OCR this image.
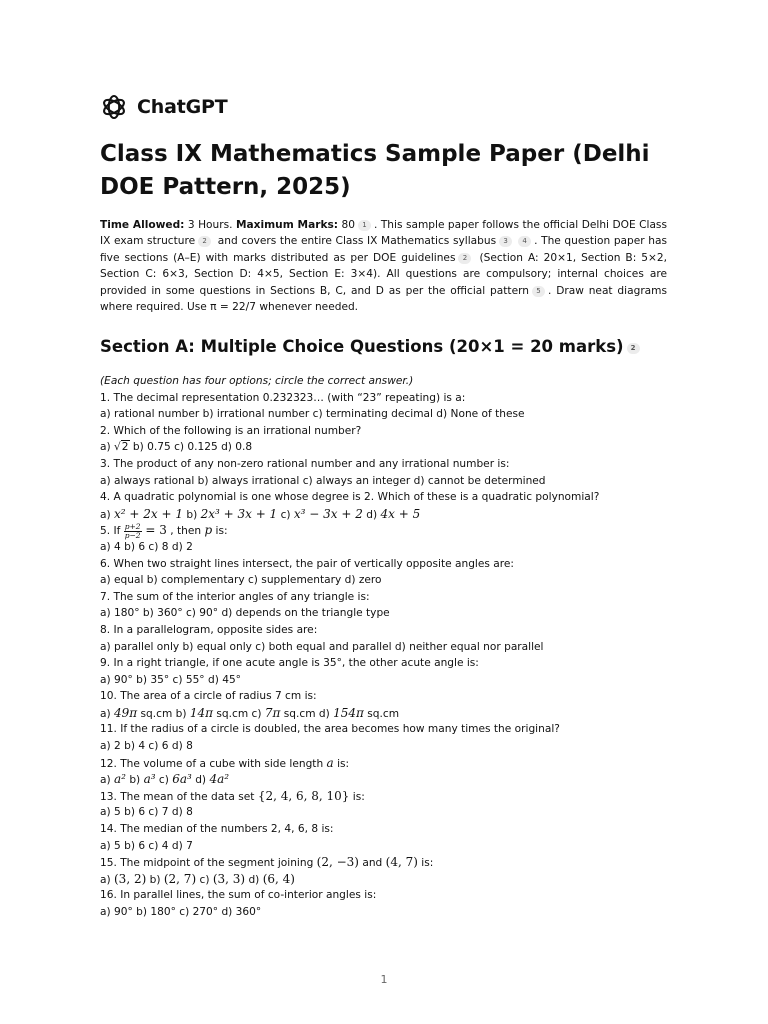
ChatGPT
Class IX Mathematics Sample Paper (Delhi DOE Pattern, 2025)

Time Allowed: 3 Hours. Maximum Marks: 80 1 . This sample paper follows the official Delhi DOE Class IX exam structure 2 and covers the entire Class IX Mathematics syllabus 3 4 . The question paper has five sections (A–E) with marks distributed as per DOE guidelines 2 (Section A: 20×1, Section B: 5×2, Section C: 6×3, Section D: 4×5, Section E: 3×4). All questions are compulsory; internal choices are provided in some questions in Sections B, C, and D as per the official pattern 5 . Draw neat diagrams where required. Use π = 22/7 whenever needed.

Section A: Multiple Choice Questions (20×1 = 20 marks) 2
(Each question has four options; circle the correct answer.)
1. The decimal representation 0.232323… (with “23” repeating) is a:
a) rational number b) irrational number c) terminating decimal d) None of these
2. Which of the following is an irrational number?
a) √2 b) 0.75 c) 0.125 d) 0.8
3. The product of any non-zero rational number and any irrational number is:
a) always rational b) always irrational c) always an integer d) cannot be determined
4. A quadratic polynomial is one whose degree is 2. Which of these is a quadratic polynomial?
a) x² + 2x + 1 b) 2x³ + 3x + 1 c) x³ − 3x + 2 d) 4x + 5
5. If $\frac{p+2}{p-2} = 3$ , then p is:
a) 4 b) 6 c) 8 d) 2
6. When two straight lines intersect, the pair of vertically opposite angles are:
a) equal b) complementary c) supplementary d) zero
7. The sum of the interior angles of any triangle is:
a) 180° b) 360° c) 90° d) depends on the triangle type
8. In a parallelogram, opposite sides are:
a) parallel only b) equal only c) both equal and parallel d) neither equal nor parallel
9. In a right triangle, if one acute angle is 35°, the other acute angle is:
a) 90° b) 35° c) 55° d) 45°
10. The area of a circle of radius 7 cm is:
a) 49π sq.cm b) 14π sq.cm c) 7π sq.cm d) 154π sq.cm
11. If the radius of a circle is doubled, the area becomes how many times the original?
a) 2 b) 4 c) 6 d) 8
12. The volume of a cube with side length a is:
a) a² b) a³ c) 6a³ d) 4a²
13. The mean of the data set {2, 4, 6, 8, 10} is:
a) 5 b) 6 c) 7 d) 8
14. The median of the numbers 2, 4, 6, 8 is:
a) 5 b) 6 c) 4 d) 7
15. The midpoint of the segment joining (2, −3) and (4, 7) is:
a) (3, 2) b) (2, 7) c) (3, 3) d) (6, 4)
16. In parallel lines, the sum of co-interior angles is:
a) 90° b) 180° c) 270° d) 360°
1
